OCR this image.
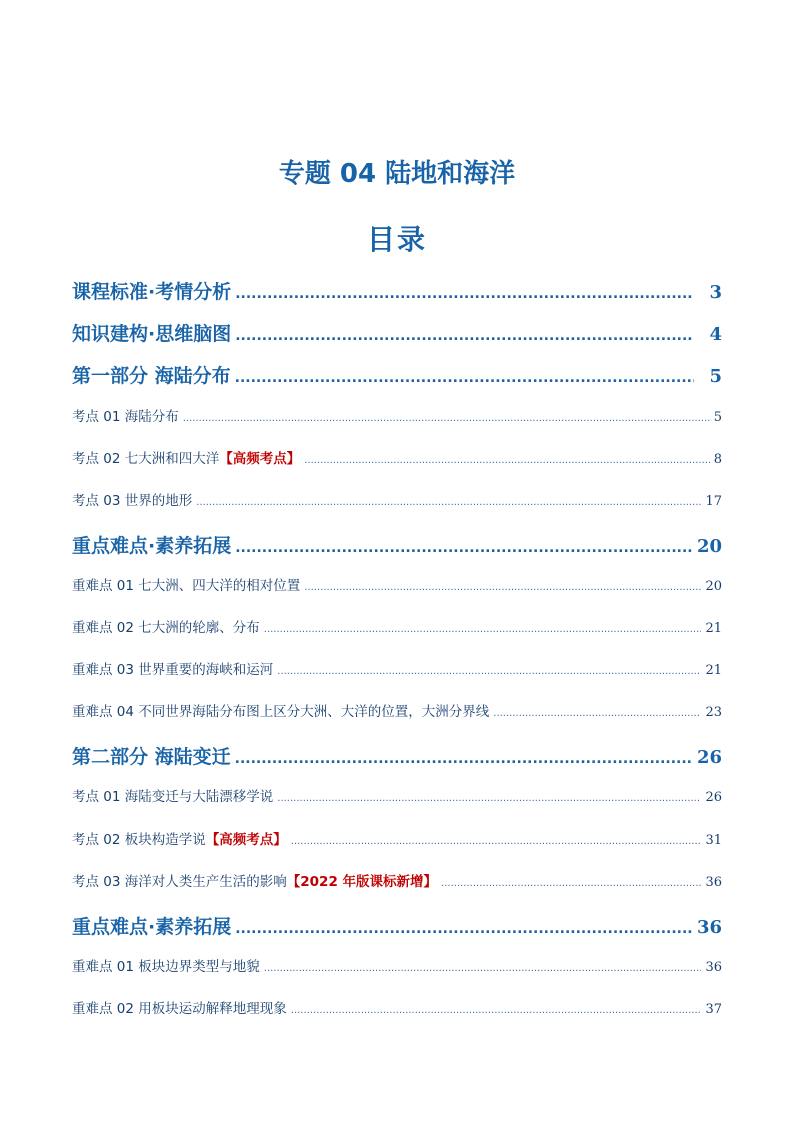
专题 04 陆地和海洋
目录
课程标准·考情分析 .....	3
知识建构·思维脑图 .....	4
第一部分 海陆分布 .....	5
考点 01 海陆分布 .....	5
考点 02 七大洲和四大洋 【高频考点】 .....	8
考点 03 世界的地形 .....	17
重点难点·素养拓展 .....	20
重难点 01 七大洲、四大洋的相对位置 .....	20
重难点 02 七大洲的轮廓、分布 .....	21
重难点 03 世界重要的海峡和运河 .....	21
重难点 04 不同世界海陆分布图上区分大洲、大洋的位置，大洲分界线 .....	23
第二部分 海陆变迁 .....	26
考点 01 海陆变迁与大陆漂移学说 .....	26
考点 02 板块构造学说 【高频考点】 .....	31
考点 03 海洋对人类生产生活的影响 【2022 年版课标新增】 .....	36
重点难点·素养拓展 .....	36
重难点 01 板块边界类型与地貌 .....	36
重难点 02 用板块运动解释地理现象 .....	37
